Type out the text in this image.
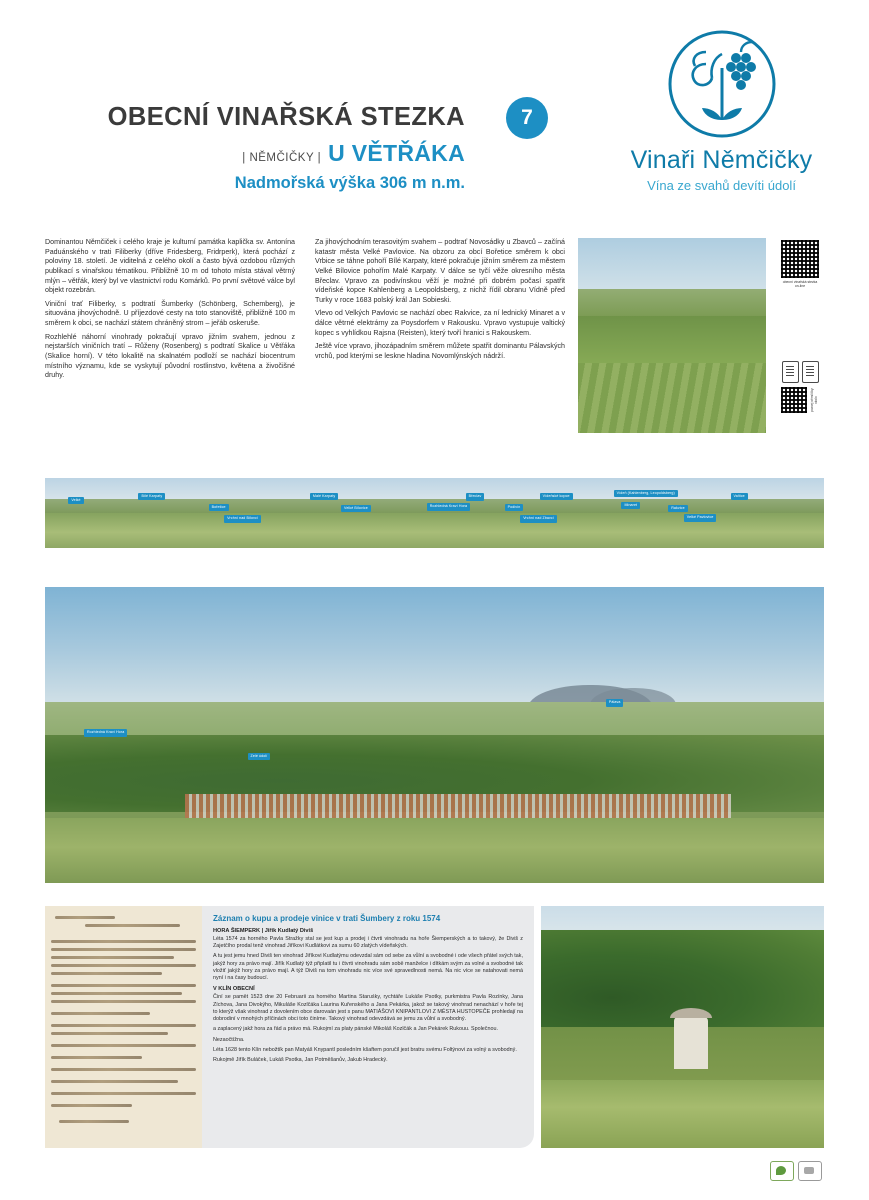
OBECNÍ VINAŘSKÁ STEZKA
| NĚMČIČKY | U VĚTŘÁKA
Nadmořská výška 306 m n.m.
7
Vinaři Němčičky
Vína ze svahů devíti údolí

Dominantou Němčiček i celého kraje je kulturní památka kaplička sv. Antonína Paduánského v trati Filiberky (dříve Fridesberg, Fridrperk), která pochází z poloviny 18. století. Je viditelná z celého okolí a často bývá ozdobou různých publikací s vinařskou tématikou. Přibližně 10 m od tohoto místa stával větrný mlýn – větřák, který byl ve vlastnictví rodu Komárků. Po první světové válce byl objekt rozebrán.

Viniční trať Filiberky, s podtratí Šumberky (Schönberg, Schemberg), je situována jihovýchodně. U příjezdové cesty na toto stanoviště, přibližně 100 m směrem k obci, se nachází státem chráněný strom – jeřáb oskeruše.

Rozhlehlé náhorní vinohrady pokračují vpravo jižním svahem, jednou z nejstarších viničních tratí – Růženy (Rosenberg) s podtratí Skalice u Větřáka (Skalice horní). V této lokalitě na skalnatém podloží se nachází biocentrum místního významu, kde se vyskytují původní rostlinstvo, květena a živočišné druhy.

Za jihovýchodním terasovitým svahem – podtrať Novosádky u Zbavců – začíná katastr města Velké Pavlovice. Na obzoru za obcí Bořetice směrem k obci Vrbice se táhne pohoří Bílé Karpaty, které pokračuje jižním směrem za městem Velké Bílovice pohořím Malé Karpaty. V dálce se tyčí věže okresního města Břeclav. Vpravo za podivínskou věží je možné při dobrém počasí spatřit vídeňské kopce Kahlenberg a Leopoldsberg, z nichž řídil obranu Vídně před Turky v roce 1683 polský král Jan Sobieski.

Vlevo od Velkých Pavlovic se nachází obec Rakvice, za ní lednický Minaret a v dálce větrné elektrárny za Poysdorfem v Rakousku. Vpravo vystupuje valtický kopec s vyhlídkou Rajsna (Reisten), který tvoří hranici s Rakouskem.

Ještě více vpravo, jihozápadním směrem můžete spatřit dominantu Pálavských vrchů, pod kterými se leskne hladina Novomlýnských nádrží.

obecní vinařská stezka on-line
poznej němčičky okolo
Velké
Bílé Karpaty
Bořetice
Vrchní nad Bílovci
Malé Karpaty
Velké Bílovice	Rozhledná Kraví Hora
Břeclav
Podivín
Vídeňské kopce
Vídeň (Kahlenberg, Leopoldsberg)
Minaret
Rakvice
Valtice
Velké Pavlovice
Vrchní nad Zbavci
Rozhledná Kraví Hora
Zelé údolí
Pálava
Záznam o kupu a prodeje vinice v trati Šumbery z roku 1574
HORA ŠIEMPERK | Jiřík Kudlatý Diviš

Léta 1574 za horného Pavla Stražky stal se jest kup a prodej i čtvrti vinohradu na hoře Šiemperských a to takový, že Diviš z Zajetčího prodal tenž vinohrad Jiříkovi Kudlátkovi za sumu 60 zlatých vídeňských.

A tu jest jemu hned Diviš ten vinohrad Jiříkovi Kudlatýmu odevzdal sám od sebe za vůlní a svobodné i ode všech přátel svých tak, jakýž hory za právo mají. Jiřík Kudlatý týž připlatil tu i čtvrti vinohradu sám sobě manželce i dítkám svým za volné a svobodné tak vložiť jakýž hory za právo mají. A týž Diviš na tom vinohradu nic více své spravedlnosti nemá. Na nic více se natahovati nemá nyní i na časy budoucí.

V KLÍN OBECNÍ

Činí se pamět 1523 dne 20 Februarii za horného Martina Staruśky, rychtáře Lukáše Psotky, purkmistra Pavla Rozínky, Jana Zíchova, Jana Divokýho, Mikuláše Kozlčáka Laurina Kuřenského a Jana Pekárka, jakož se takový vinohrad nenachází v hoře tej to kterýž však vinohrad z dovolením obce darovaán jest s panu MATIÁŠOVI KNIPANTLOVI Z MĚSTA HUSTOPEČE prohledají na dobrodiní v mnohých příčinách obci toto činíme. Takový vinohrad odevzdává se jemu za vůlní a svobodný.

a zaplacený jakž hora za řád a právo má. Rukojmí za platy pánské Mikoláš Kozlčák a Jan Pekárek Rukouu. Společnou.

Nezaočtížna.

Léta 1628 tento Klín nebožtík pan Matyáš Knypantl posledním kšaftem poručil jest bratru svému Foltýnovi za volný a svobodný.

Rukojmě Jiřík Buláček, Lukáš Psotka, Jan Potměšanův, Jakub Hradecký.
